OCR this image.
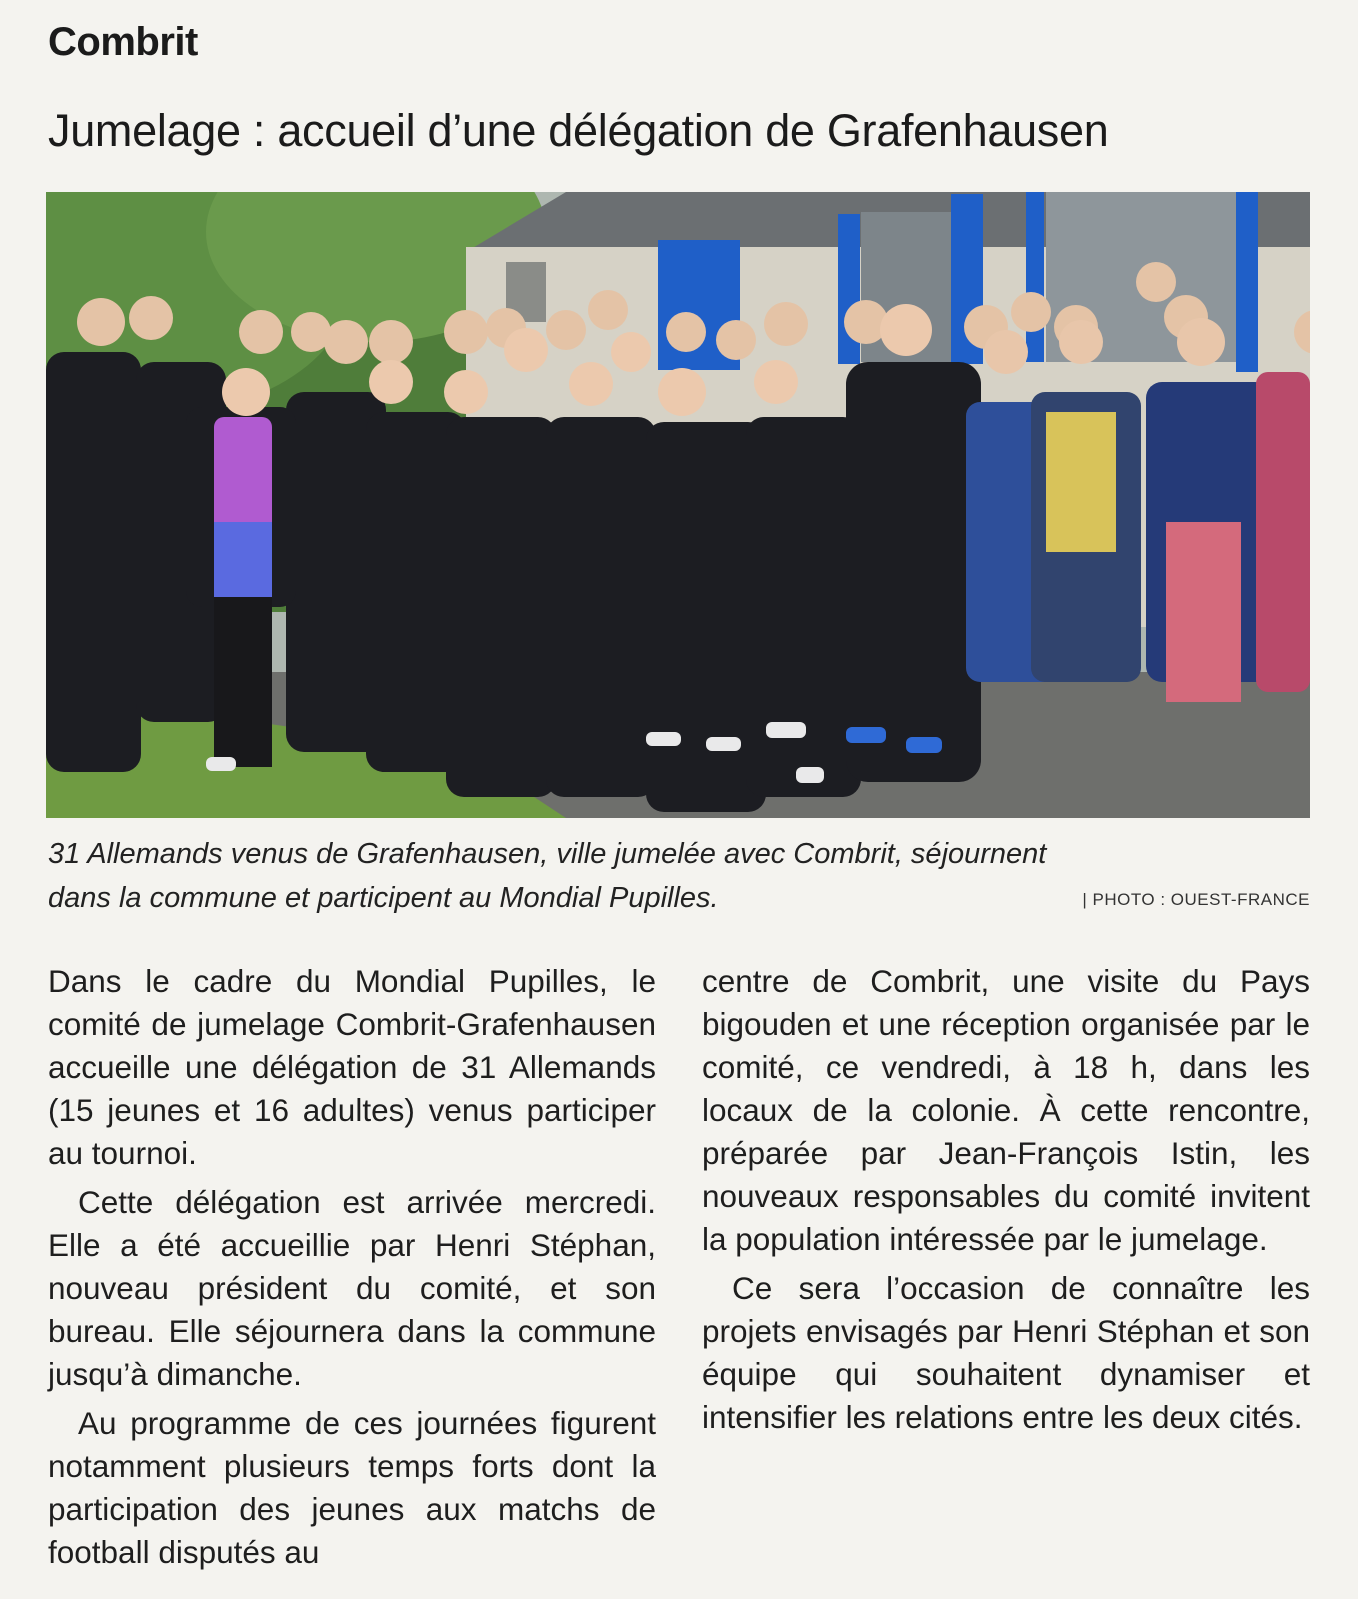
Combrit
Jumelage : accueil d’une délégation de Grafenhausen

31 Allemands venus de Grafenhausen, ville jumelée avec Combrit, séjournent

dans la commune et participent au Mondial Pupilles.	| PHOTO : OUEST-FRANCE

Dans le cadre du Mondial Pupilles, le comité de jumelage Combrit-Grafenhausen accueille une délégation de 31 Allemands (15 jeunes et 16 adultes) venus participer au tournoi.

Cette délégation est arrivée mercredi. Elle a été accueillie par Henri Stéphan, nouveau président du comité, et son bureau. Elle séjournera dans la commune jusqu’à dimanche.

Au programme de ces journées figurent notamment plusieurs temps forts dont la participation des jeunes aux matchs de football disputés au

centre de Combrit, une visite du Pays bigouden et une réception organisée par le comité, ce vendredi, à 18 h, dans les locaux de la colonie. À cette rencontre, préparée par Jean-François Istin, les nouveaux responsables du comité invitent la population intéressée par le jumelage.

Ce sera l’occasion de connaître les projets envisagés par Henri Stéphan et son équipe qui souhaitent dynamiser et intensifier les relations entre les deux cités.
